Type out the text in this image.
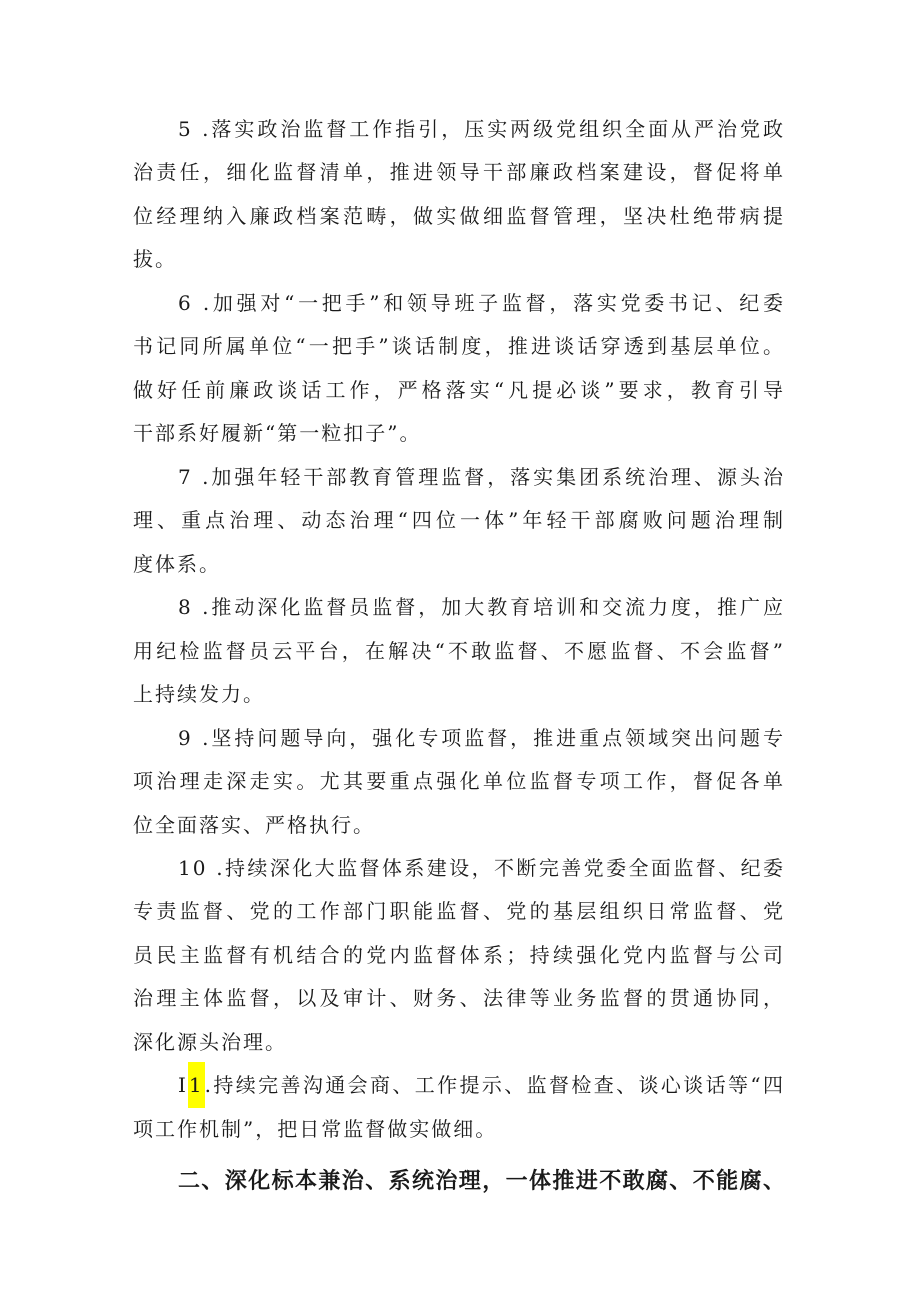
5 .落实政治监督工作指引，压实两级党组织全面从严治党政
治责任，细化监督清单，推进领导干部廉政档案建设，督促将单
位经理纳入廉政档案范畴，做实做细监督管理，坚决杜绝带病提
拔。
6 .加强对“一把手”和领导班子监督，落实党委书记、纪委
书记同所属单位“一把手”谈话制度，推进谈话穿透到基层单位。
做好任前廉政谈话工作，严格落实“凡提必谈”要求，教育引导
干部系好履新“第一粒扣子”。
7 .加强年轻干部教育管理监督，落实集团系统治理、源头治
理、重点治理、动态治理“四位一体”年轻干部腐败问题治理制
度体系。
8 .推动深化监督员监督，加大教育培训和交流力度，推广应
用纪检监督员云平台，在解决“不敢监督、不愿监督、不会监督”
上持续发力。
9 .坚持问题导向，强化专项监督，推进重点领域突出问题专
项治理走深走实。尤其要重点强化单位监督专项工作，督促各单
位全面落实、严格执行。
10 .持续深化大监督体系建设，不断完善党委全面监督、纪委
专责监督、党的工作部门职能监督、党的基层组织日常监督、党
员民主监督有机结合的党内监督体系；持续强化党内监督与公司
治理主体监督，以及审计、财务、法律等业务监督的贯通协同，
深化源头治理。
I1.持续完善沟通会商、工作提示、监督检查、谈心谈话等“四
项工作机制”，把日常监督做实做细。
二、深化标本兼治、系统治理，一体推进不敢腐、不能腐、
